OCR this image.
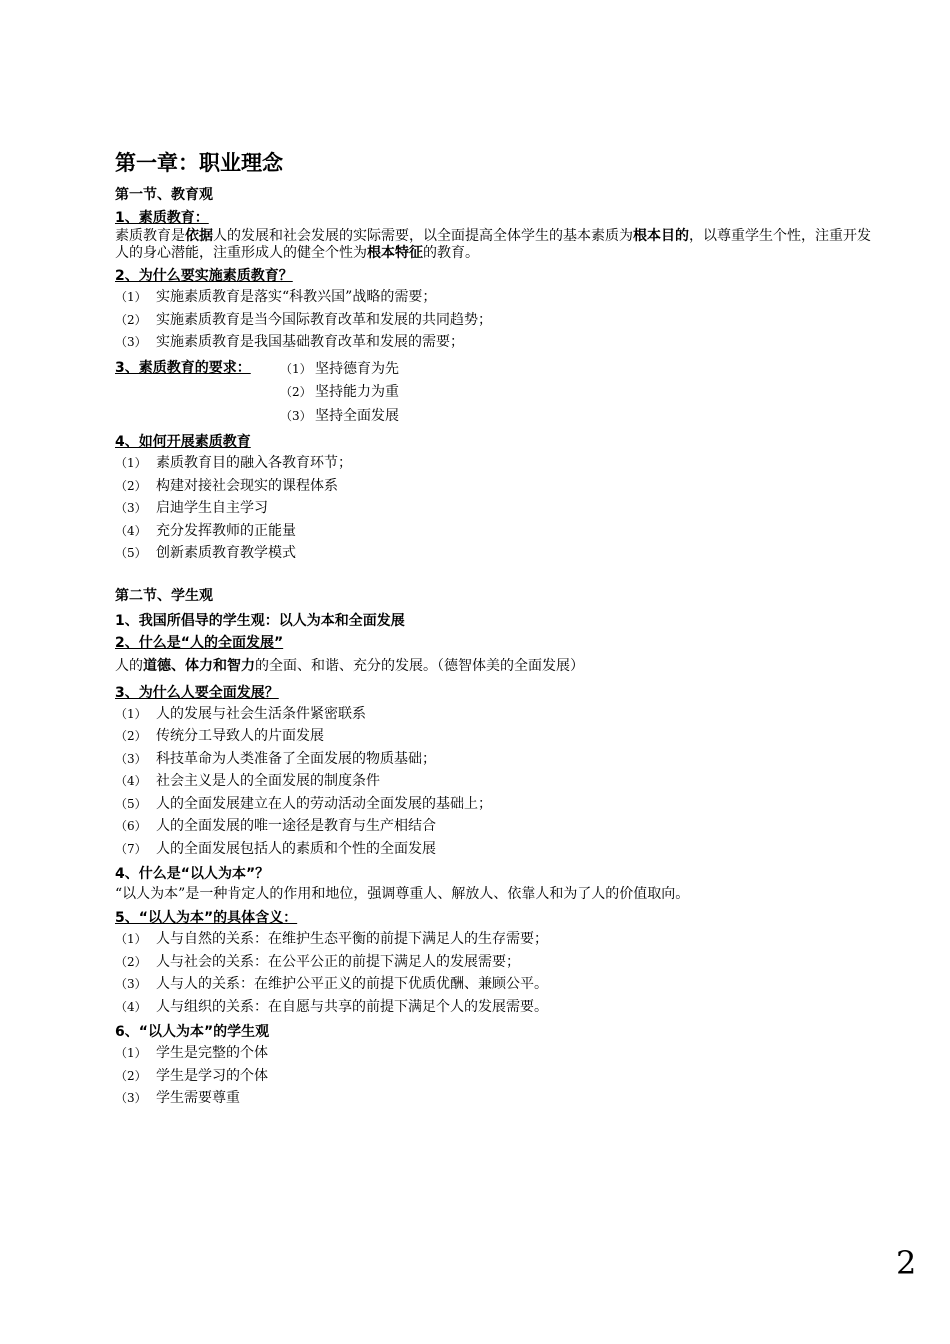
第一章：职业理念
第一节、教育观
1、素质教育：
素质教育是依据人的发展和社会发展的实际需要，以全面提高全体学生的基本素质为根本目的，以尊重学生个性，注重开发人的身心潜能，注重形成人的健全个性为根本特征的教育。
2、为什么要实施素质教育？
（1） 实施素质教育是落实“科教兴国”战略的需要；
（2） 实施素质教育是当今国际教育改革和发展的共同趋势；
（3） 实施素质教育是我国基础教育改革和发展的需要；
3、素质教育的要求：	（1） 坚持德育为先
（2） 坚持能力为重
（3） 坚持全面发展
4、如何开展素质教育
（1） 素质教育目的融入各教育环节；
（2） 构建对接社会现实的课程体系
（3） 启迪学生自主学习
（4） 充分发挥教师的正能量
（5） 创新素质教育教学模式
第二节、学生观
1、我国所倡导的学生观：以人为本和全面发展
2、什么是“人的全面发展”
人的道德、体力和智力的全面、和谐、充分的发展。（德智体美的全面发展）
3、为什么人要全面发展？
（1） 人的发展与社会生活条件紧密联系
（2） 传统分工导致人的片面发展
（3） 科技革命为人类准备了全面发展的物质基础；
（4） 社会主义是人的全面发展的制度条件
（5） 人的全面发展建立在人的劳动活动全面发展的基础上；
（6） 人的全面发展的唯一途径是教育与生产相结合
（7） 人的全面发展包括人的素质和个性的全面发展
4、什么是“以人为本”？
“以人为本”是一种肯定人的作用和地位，强调尊重人、解放人、依靠人和为了人的价值取向。
5、“以人为本”的具体含义：
（1） 人与自然的关系：在维护生态平衡的前提下满足人的生存需要；
（2） 人与社会的关系：在公平公正的前提下满足人的发展需要；
（3） 人与人的关系：在维护公平正义的前提下优质优酬、兼顾公平。
（4） 人与组织的关系：在自愿与共享的前提下满足个人的发展需要。
6、“以人为本”的学生观
（1） 学生是完整的个体
（2） 学生是学习的个体
（3） 学生需要尊重
2
